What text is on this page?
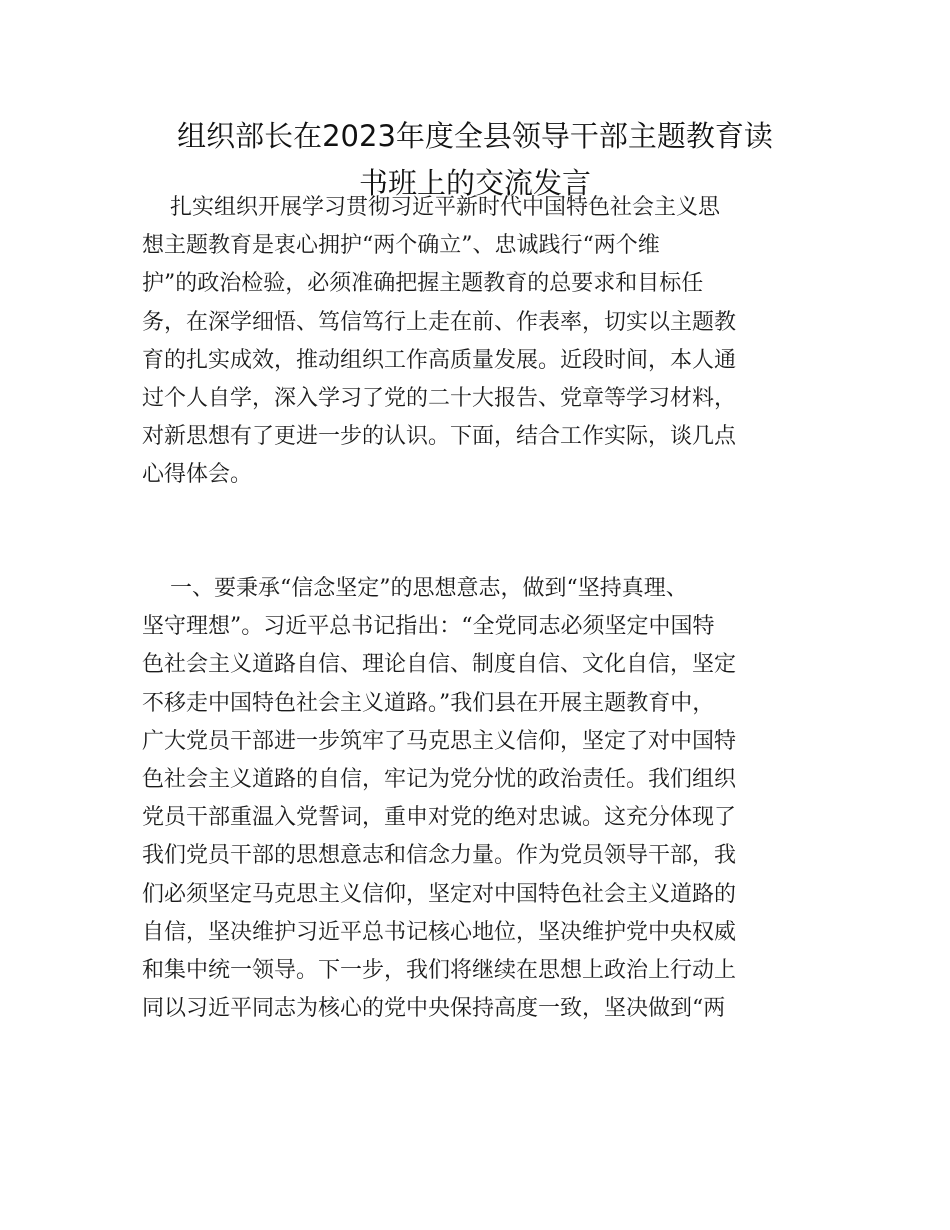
组织部长在2023年度全县领导干部主题教育读
书班上的交流发言
扎实组织开展学习贯彻习近平新时代中国特色社会主义思
想主题教育是衷心拥护“两个确立”、忠诚践行“两个维
护”的政治检验，必须准确把握主题教育的总要求和目标任
务，在深学细悟、笃信笃行上走在前、作表率，切实以主题教
育的扎实成效，推动组织工作高质量发展。近段时间，本人通
过个人自学，深入学习了党的二十大报告、党章等学习材料，
对新思想有了更进一步的认识。下面，结合工作实际，谈几点
心得体会。
一、要秉承“信念坚定”的思想意志，做到“坚持真理、
坚守理想”。习近平总书记指出：“全党同志必须坚定中国特
色社会主义道路自信、理论自信、制度自信、文化自信，坚定
不移走中国特色社会主义道路。”我们县在开展主题教育中，
广大党员干部进一步筑牢了马克思主义信仰，坚定了对中国特
色社会主义道路的自信，牢记为党分忧的政治责任。我们组织
党员干部重温入党誓词，重申对党的绝对忠诚。这充分体现了
我们党员干部的思想意志和信念力量。作为党员领导干部，我
们必须坚定马克思主义信仰，坚定对中国特色社会主义道路的
自信，坚决维护习近平总书记核心地位，坚决维护党中央权威
和集中统一领导。下一步，我们将继续在思想上政治上行动上
同以习近平同志为核心的党中央保持高度一致，坚决做到“两
